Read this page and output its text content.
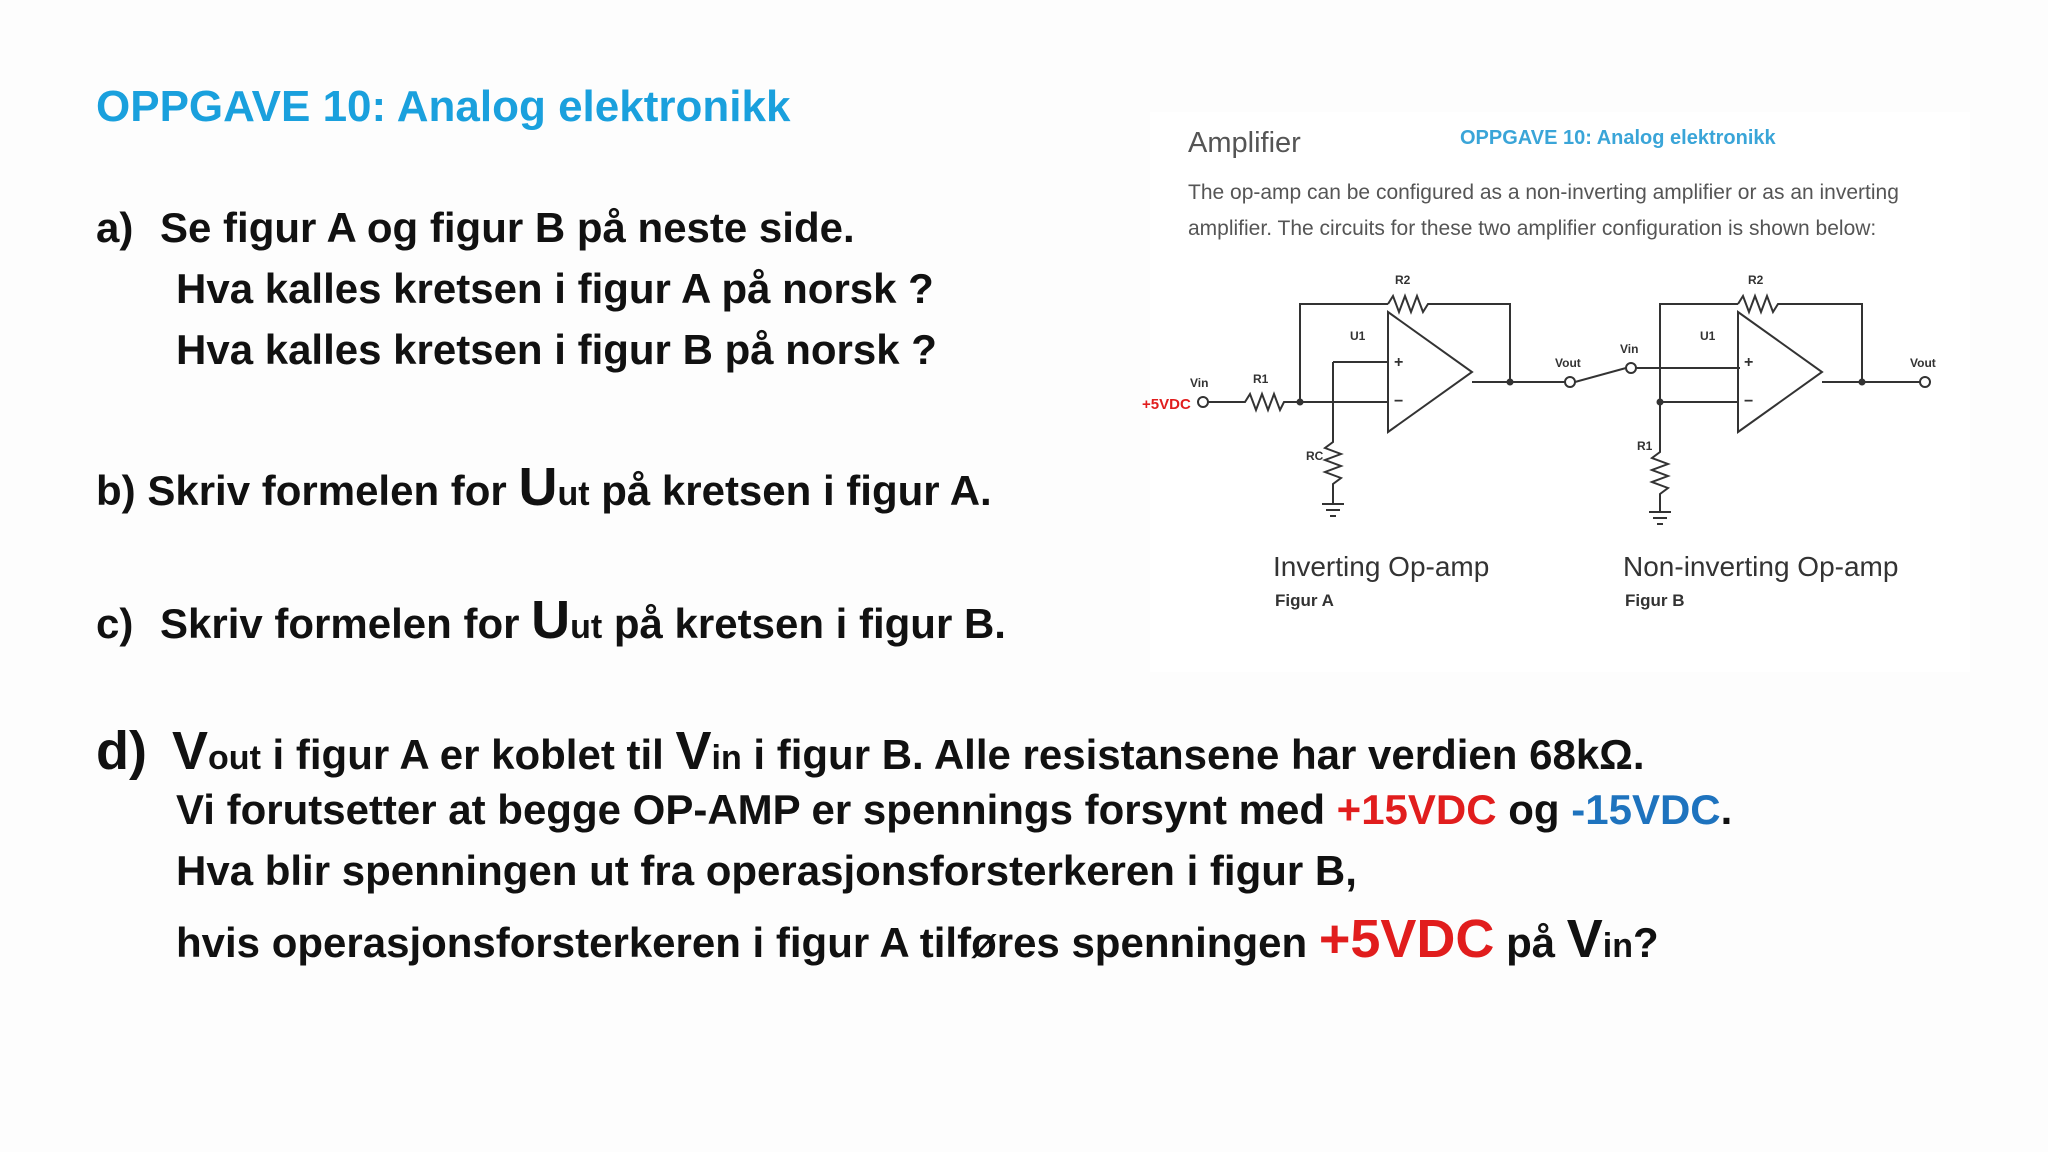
OPPGAVE 10: Analog elektronikk
a) Se figur A og figur B på neste side.
Hva kalles kretsen i figur A på norsk ?
Hva kalles kretsen i figur B på norsk ?
b) Skriv formelen for Uut på kretsen i figur A.
c) Skriv formelen for Uut på kretsen i figur B.
d) Vout i figur A er koblet til Vin i figur B. Alle resistansene har verdien 68kΩ.
Vi forutsetter at begge OP-AMP er spennings forsynt med +15VDC og -15VDC.
Hva blir spenningen ut fra operasjonsforsterkeren i figur B,
hvis operasjonsforsterkeren i figur A tilføres spenningen +5VDC på Vin?
Amplifier	OPPGAVE 10: Analog elektronikk
The op-amp can be configured as a non-inverting amplifier or as an inverting
amplifier. The circuits for these two amplifier configuration is shown below:
+5VDC
Vin	R1
R2
U1
RC
Vout
+
−
Vin
R1
R2
U1
Vout
+
−
Inverting Op-amp
Figur A
Non-inverting Op-amp
Figur B
